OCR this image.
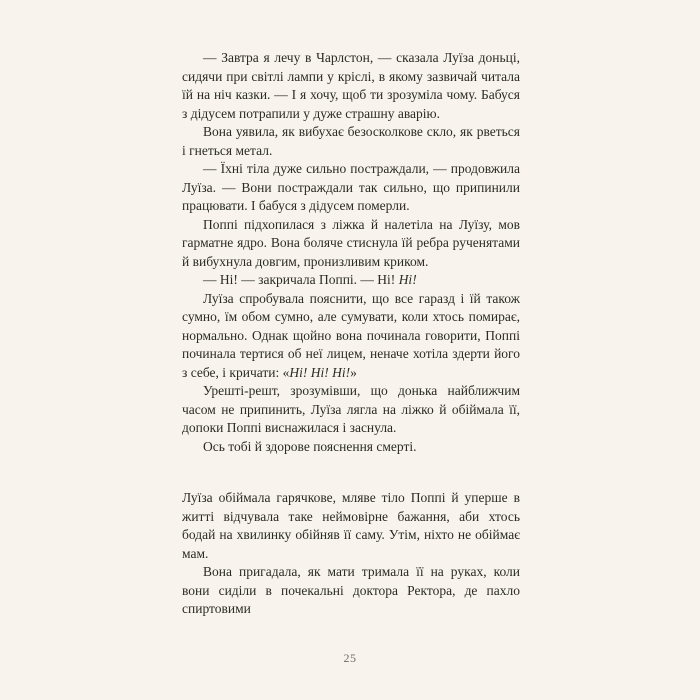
— Завтра я лечу в Чарлстон, — сказала Луїза доньці, сидячи при світлі лампи у кріслі, в якому зазвичай читала їй на ніч казки. — І я хочу, щоб ти зрозуміла чому. Бабуся з дідусем потрапили у дуже страшну аварію.

Вона уявила, як вибухає безосколкове скло, як рветься і гнеться метал.

— Їхні тіла дуже сильно постраждали, — продовжила Луїза. — Вони постраждали так сильно, що припинили працювати. І бабуся з дідусем померли.

Поппі підхопилася з ліжка й налетіла на Луїзу, мов гарматне ядро. Вона боляче стиснула їй ребра рученятами й вибухнула довгим, пронизливим криком.

— Ні! — закричала Поппі. — Ні! Ні!

Луїза спробувала пояснити, що все гаразд і їй також сумно, їм обом сумно, але сумувати, коли хтось помирає, нормально. Однак щойно вона починала говорити, Поппі починала тертися об неї лицем, неначе хотіла здерти його з себе, і кричати: «Ні! Ні! Ні!»

Урешті-решт, зрозумівши, що донька найближчим часом не припинить, Луїза лягла на ліжко й обіймала її, допоки Поппі виснажилася і заснула.

Ось тобі й здорове пояснення смерті.

Луїза обіймала гарячкове, мляве тіло Поппі й уперше в житті відчувала таке неймовірне бажання, аби хтось бодай на хвилинку обійняв її саму. Утім, ніхто не обіймає мам.

Вона пригадала, як мати тримала її на руках, коли вони сиділи в почекальні доктора Ректора, де пахло спиртовими

25
